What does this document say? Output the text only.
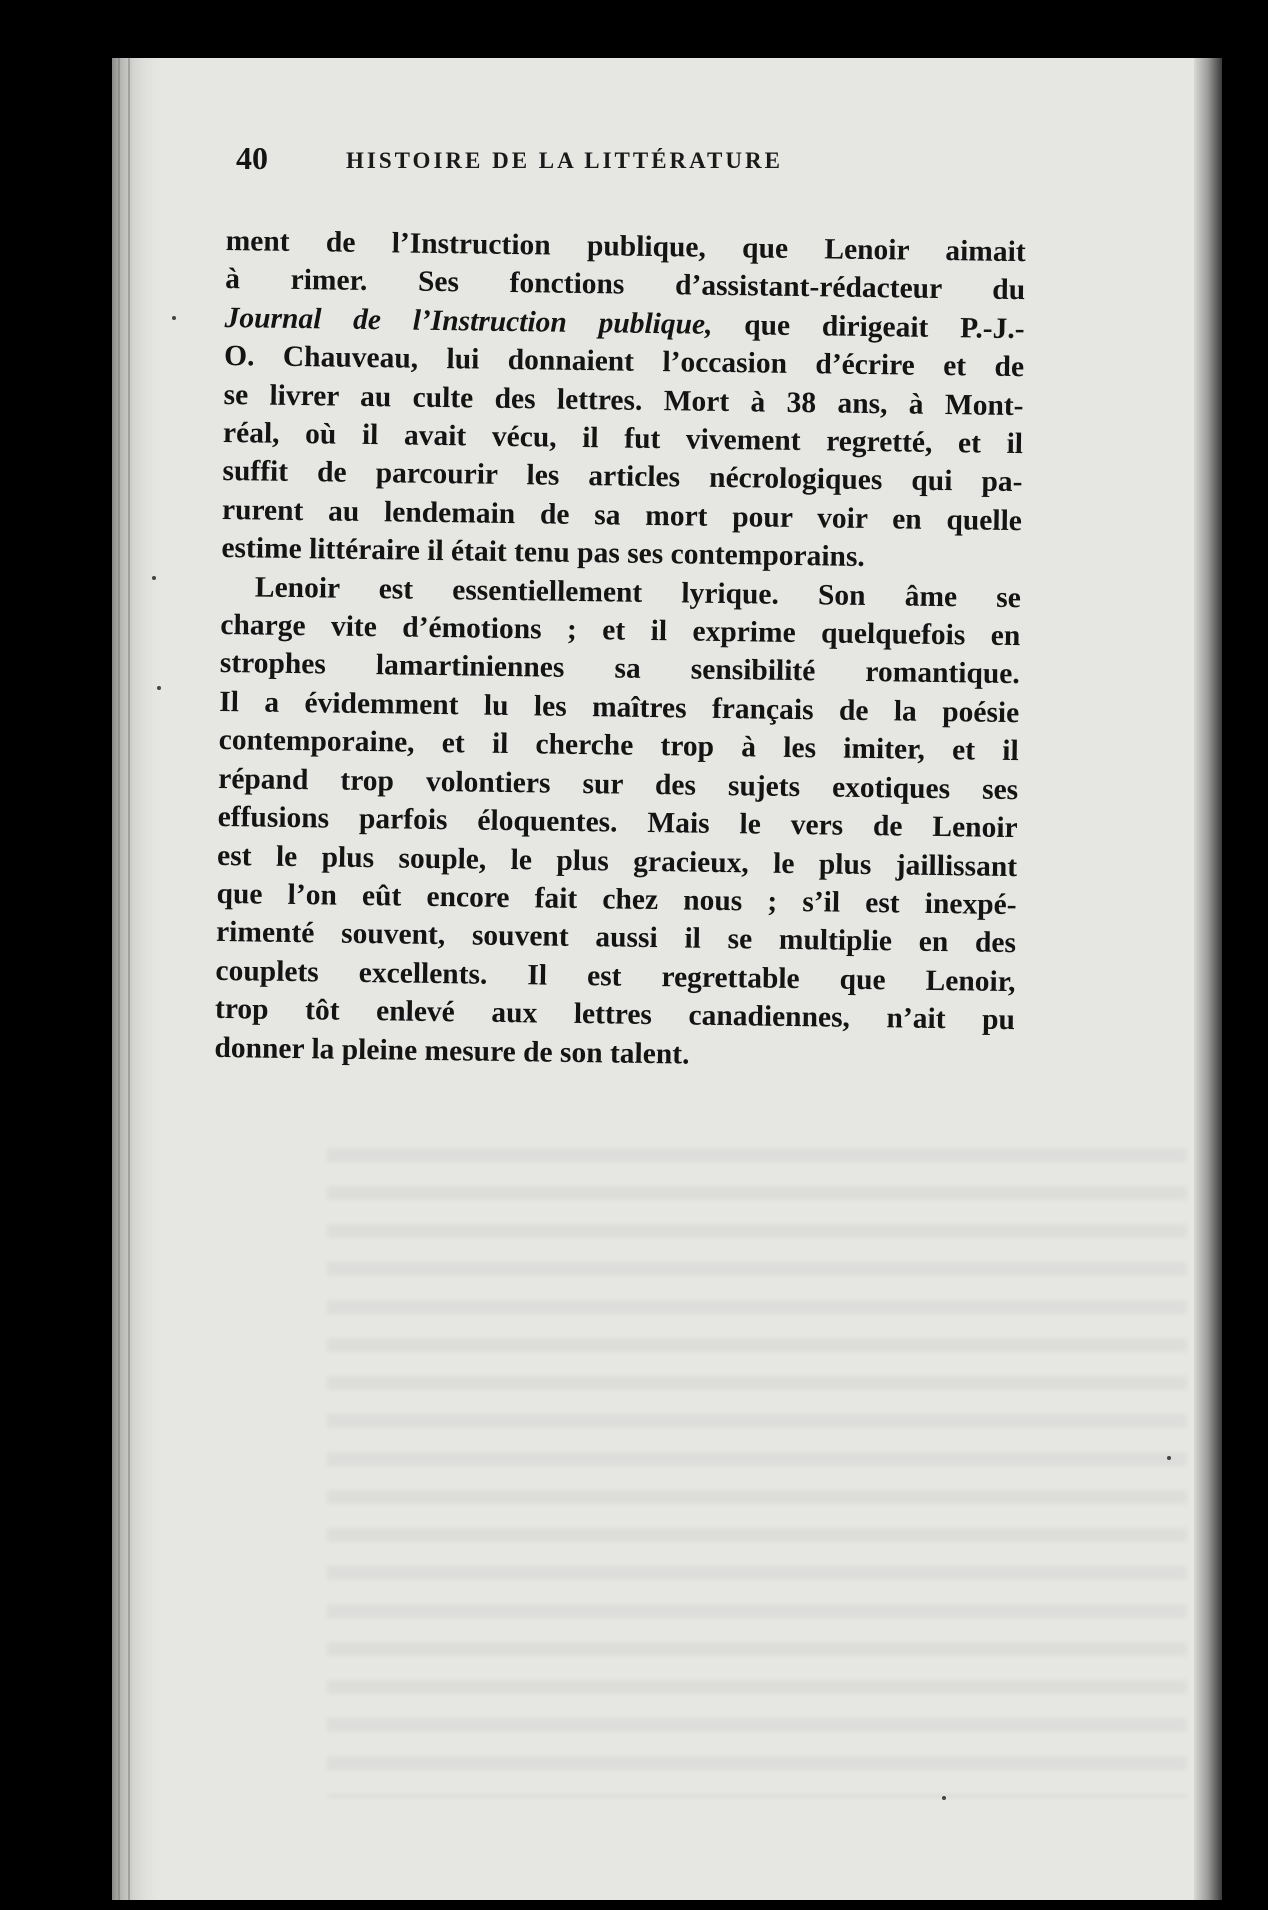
40	HISTOIRE DE LA LITTÉRATURE
ment de l’Instruction publique, que Lenoir aimait
à rimer. Ses fonctions d’assistant-rédacteur du
Journal de l’Instruction publique, que dirigeait P.-J.-
O. Chauveau, lui donnaient l’occasion d’écrire et de
se livrer au culte des lettres. Mort à 38 ans, à Mont-
réal, où il avait vécu, il fut vivement regretté, et il
suffit de parcourir les articles nécrologiques qui pa-
rurent au lendemain de sa mort pour voir en quelle
estime littéraire il était tenu pas ses contemporains.
Lenoir est essentiellement lyrique. Son âme se
charge vite d’émotions ; et il exprime quelquefois en
strophes lamartiniennes sa sensibilité romantique.
Il a évidemment lu les maîtres français de la poésie
contemporaine, et il cherche trop à les imiter, et il
répand trop volontiers sur des sujets exotiques ses
effusions parfois éloquentes. Mais le vers de Lenoir
est le plus souple, le plus gracieux, le plus jaillissant
que l’on eût encore fait chez nous ; s’il est inexpé-
rimenté souvent, souvent aussi il se multiplie en des
couplets excellents. Il est regrettable que Lenoir,
trop tôt enlevé aux lettres canadiennes, n’ait pu
donner la pleine mesure de son talent.
